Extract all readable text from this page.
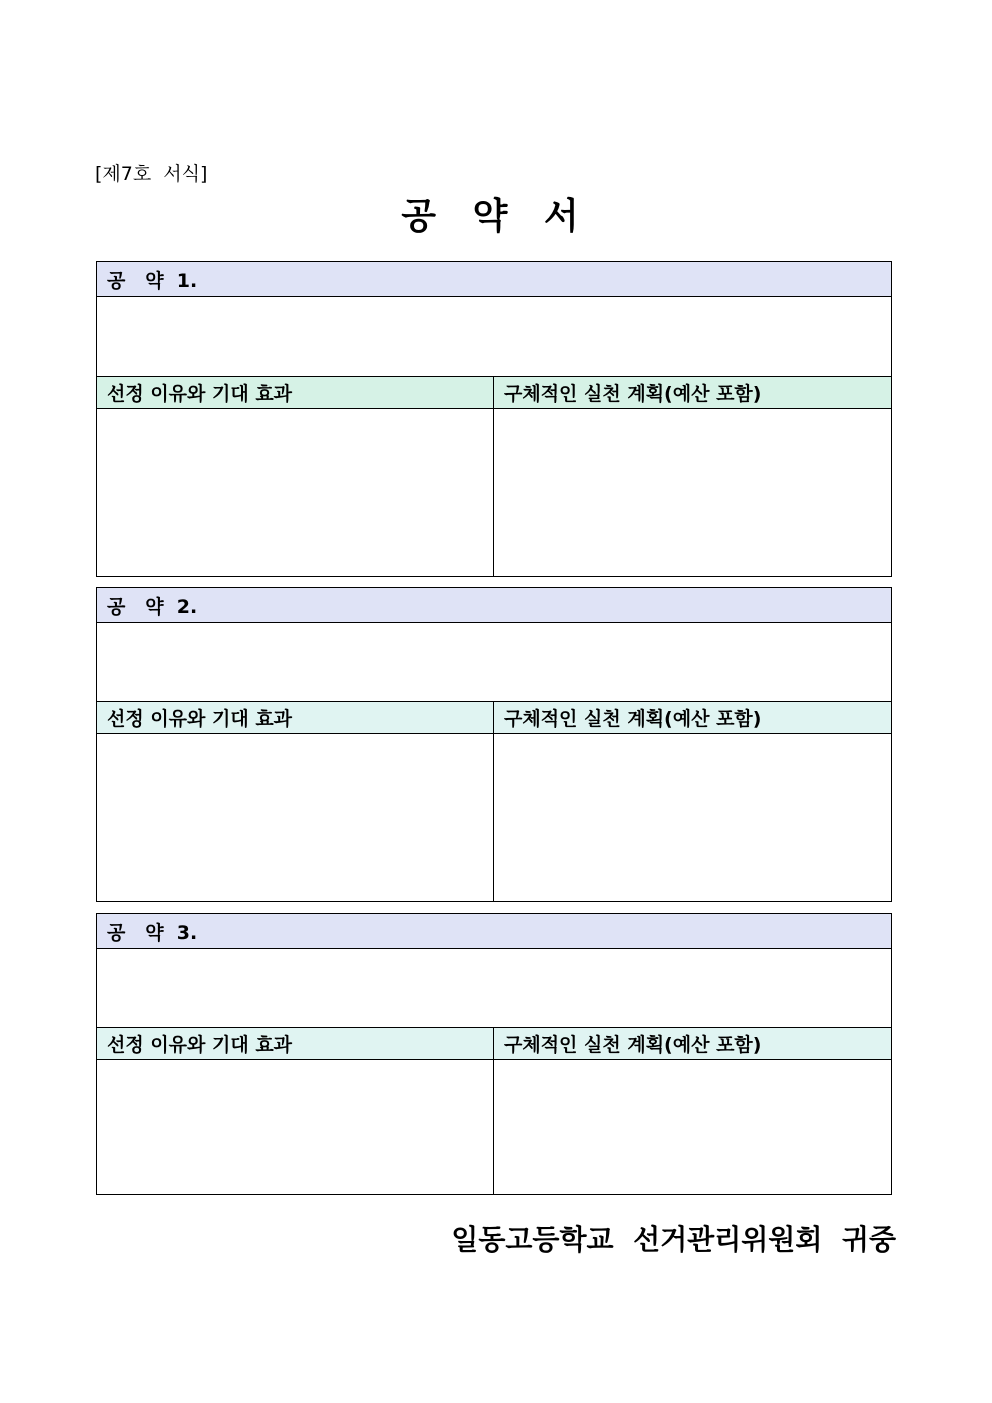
[제7호  서식]
공 약 서
공   약  1.	

선정 이유와 기대 효과	구체적인 실천 계획(예산 포함)

공   약  2.	

선정 이유와 기대 효과	구체적인 실천 계획(예산 포함)

공   약  3.	

선정 이유와 기대 효과	구체적인 실천 계획(예산 포함)

일동고등학교  선거관리위원회  귀중
